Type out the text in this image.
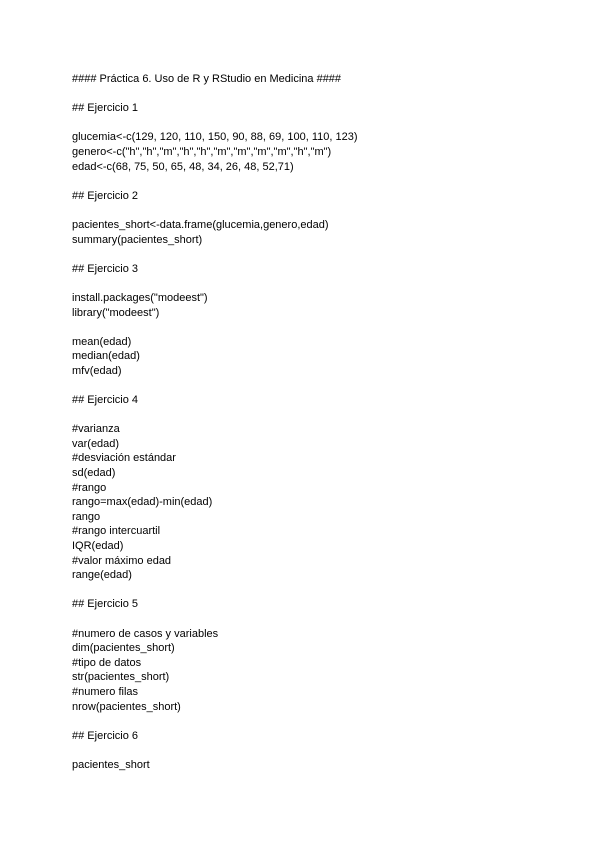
#### Práctica 6. Uso de R y RStudio en Medicina ####
## Ejercicio 1
glucemia<-c(129, 120, 110, 150, 90, 88, 69, 100, 110, 123)
genero<-c("h","h","m","h","h","m","m","m","m","h","m")
edad<-c(68, 75, 50, 65, 48, 34, 26, 48, 52,71)
## Ejercicio 2
pacientes_short<-data.frame(glucemia,genero,edad)
summary(pacientes_short)
## Ejercicio 3
install.packages("modeest")
library("modeest")
mean(edad)
median(edad)
mfv(edad)
## Ejercicio 4
#varianza
var(edad)
#desviación estándar
sd(edad)
#rango
rango=max(edad)-min(edad)
rango
#rango intercuartil
IQR(edad)
#valor máximo edad
range(edad)
## Ejercicio 5
#numero de casos y variables
dim(pacientes_short)
#tipo de datos
str(pacientes_short)
#numero filas
nrow(pacientes_short)
## Ejercicio 6
pacientes_short
